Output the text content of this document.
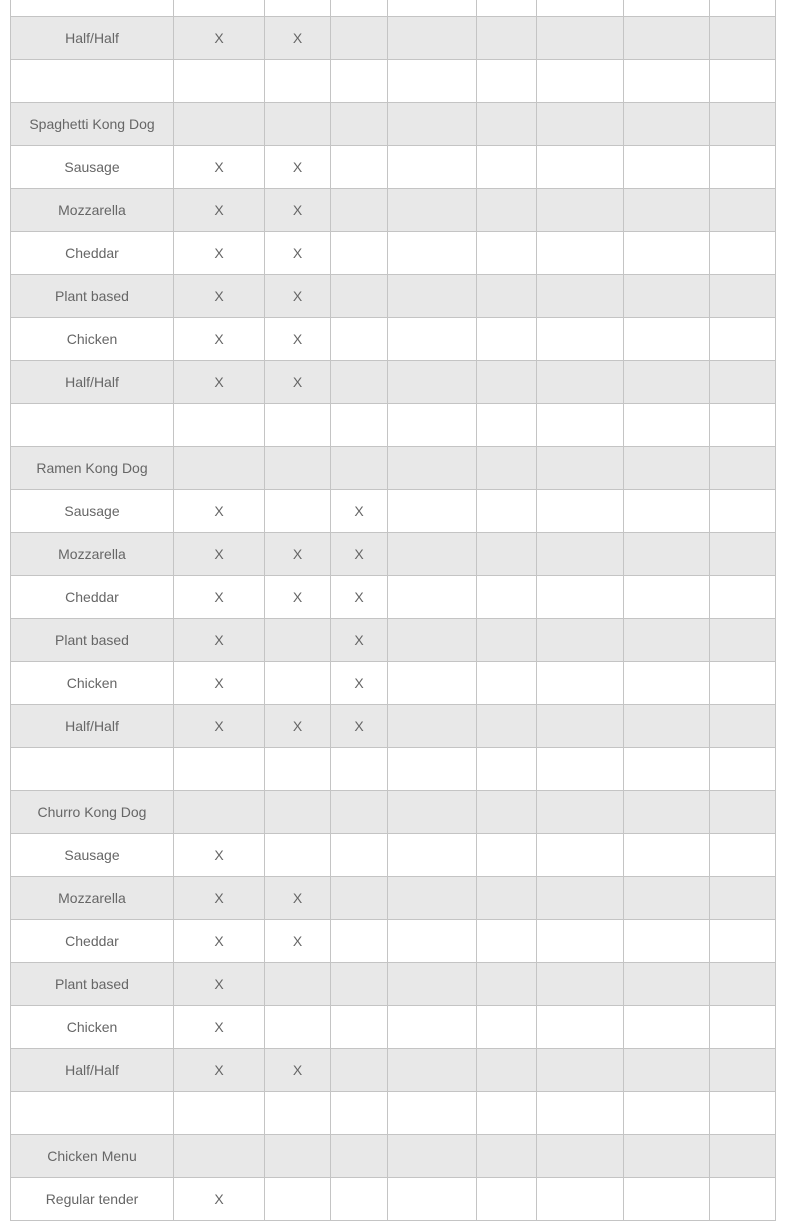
Half/Half	X	X						

Spaghetti Kong Dog								
Sausage	X	X						
Mozzarella	X	X						
Cheddar	X	X						
Plant based	X	X						
Chicken	X	X						
Half/Half	X	X						

Ramen Kong Dog								
Sausage	X		X					
Mozzarella	X	X	X					
Cheddar	X	X	X					
Plant based	X		X					
Chicken	X		X					
Half/Half	X	X	X					

Churro Kong Dog								
Sausage	X							
Mozzarella	X	X						
Cheddar	X	X						
Plant based	X							
Chicken	X							
Half/Half	X	X						

Chicken Menu								
Regular tender	X							
